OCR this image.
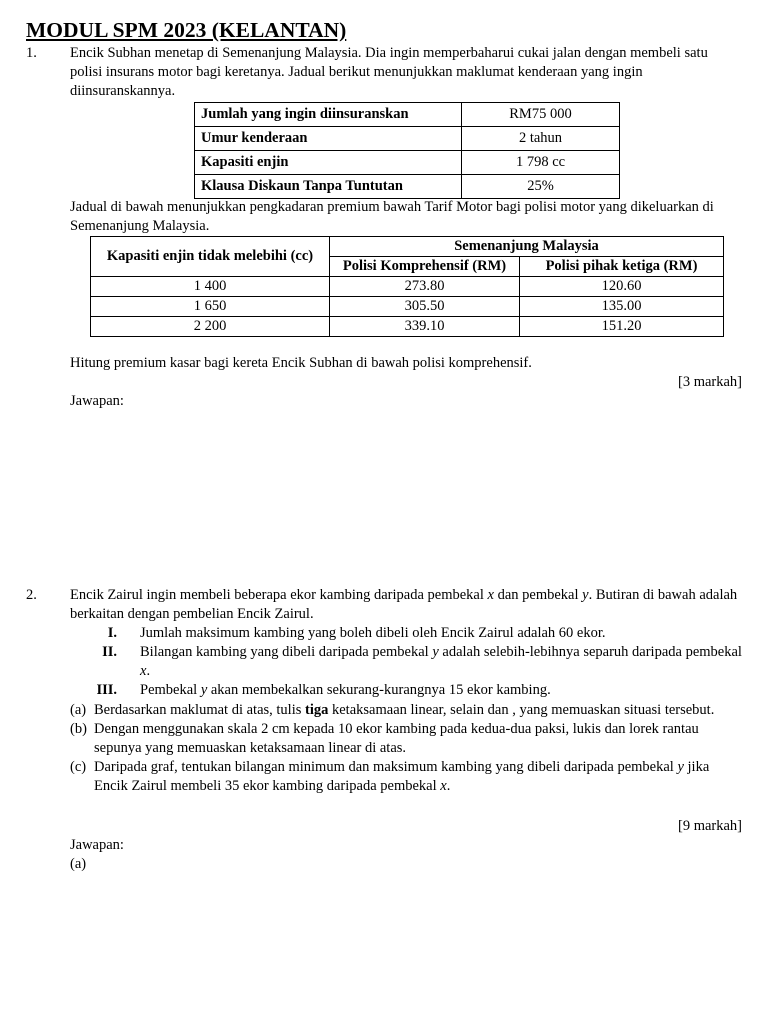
MODUL SPM 2023 (KELANTAN)
1. Encik Subhan menetap di Semenanjung Malaysia. Dia ingin memperbaharui cukai jalan dengan membeli satu polisi insurans motor bagi keretanya. Jadual berikut menunjukkan maklumat kenderaan yang ingin diinsuranskannya.

Jumlah yang ingin diinsuranskan	RM75 000
Umur kenderaan	2 tahun
Kapasiti enjin	1 798 cc
Klausa Diskaun Tanpa Tuntutan	25%

Jadual di bawah menunjukkan pengkadaran premium bawah Tarif Motor bagi polisi motor yang dikeluarkan di Semenanjung Malaysia.

Kapasiti enjin tidak melebihi (cc)	Semenanjung Malaysia	
	Polisi Komprehensif (RM)	Polisi pihak ketiga (RM)
1 400	273.80	120.60
1 650	305.50	135.00
2 200	339.10	151.20

Hitung premium kasar bagi kereta Encik Subhan di bawah polisi komprehensif.

[3 markah]

Jawapan:

2. Encik Zairul ingin membeli beberapa ekor kambing daripada pembekal x dan pembekal y. Butiran di bawah adalah berkaitan dengan pembelian Encik Zairul.

I. Jumlah maksimum kambing yang boleh dibeli oleh Encik Zairul adalah 60 ekor.

II. Bilangan kambing yang dibeli daripada pembekal y adalah selebih-lebihnya separuh daripada pembekal x.

III. Pembekal y akan membekalkan sekurang-kurangnya 15 ekor kambing.

(a) Berdasarkan maklumat di atas, tulis tiga ketaksamaan linear, selain dan , yang memuaskan situasi tersebut.

(b) Dengan menggunakan skala 2 cm kepada 10 ekor kambing pada kedua-dua paksi, lukis dan lorek rantau sepunya yang memuaskan ketaksamaan linear di atas.

(c) Daripada graf, tentukan bilangan minimum dan maksimum kambing yang dibeli daripada pembekal y jika Encik Zairul membeli 35 ekor kambing daripada pembekal x.

[9 markah]

Jawapan:

(a)
